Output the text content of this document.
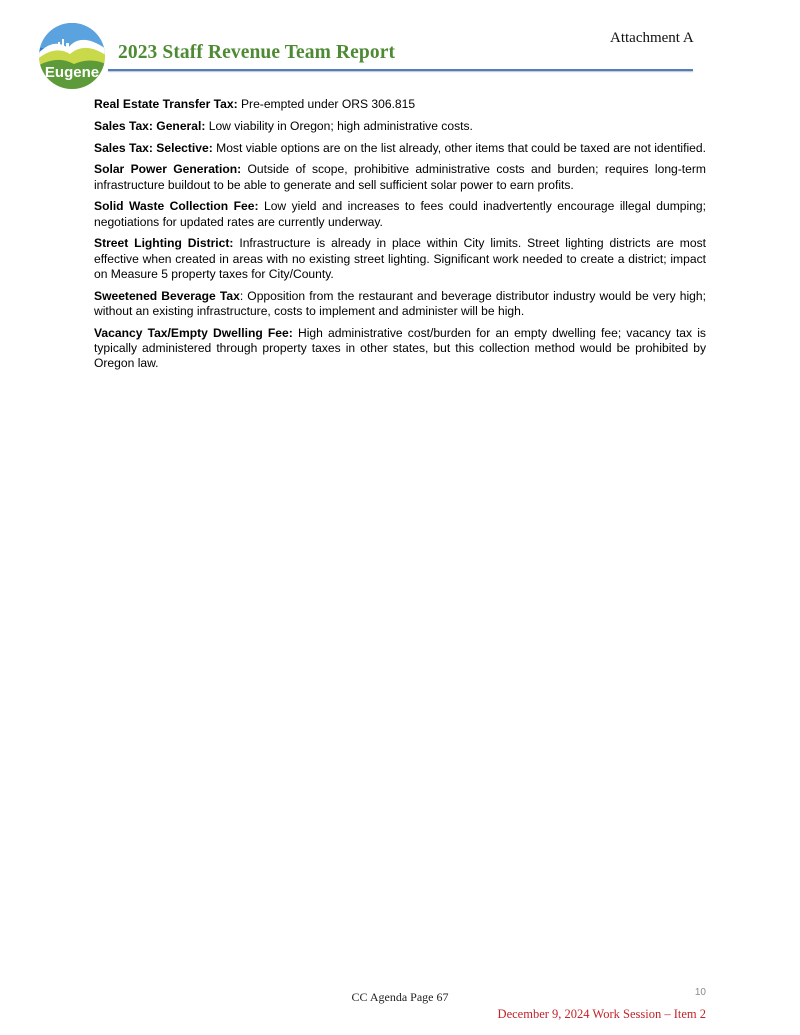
Attachment A
Eugene
2023 Staff Revenue Team Report

Real Estate Transfer Tax: Pre-empted under ORS 306.815

Sales Tax: General: Low viability in Oregon; high administrative costs.

Sales Tax: Selective: Most viable options are on the list already, other items that could be taxed are not identified.

Solar Power Generation: Outside of scope, prohibitive administrative costs and burden; requires long-term infrastructure buildout to be able to generate and sell sufficient solar power to earn profits.

Solid Waste Collection Fee: Low yield and increases to fees could inadvertently encourage illegal dumping; negotiations for updated rates are currently underway.

Street Lighting District: Infrastructure is already in place within City limits. Street lighting districts are most effective when created in areas with no existing street lighting. Significant work needed to create a district; impact on Measure 5 property taxes for City/County.

Sweetened Beverage Tax: Opposition from the restaurant and beverage distributor industry would be very high; without an existing infrastructure, costs to implement and administer will be high.

Vacancy Tax/Empty Dwelling Fee: High administrative cost/burden for an empty dwelling fee; vacancy tax is typically administered through property taxes in other states, but this collection method would be prohibited by Oregon law.

CC Agenda Page 67	10
December 9, 2024 Work Session – Item 2
